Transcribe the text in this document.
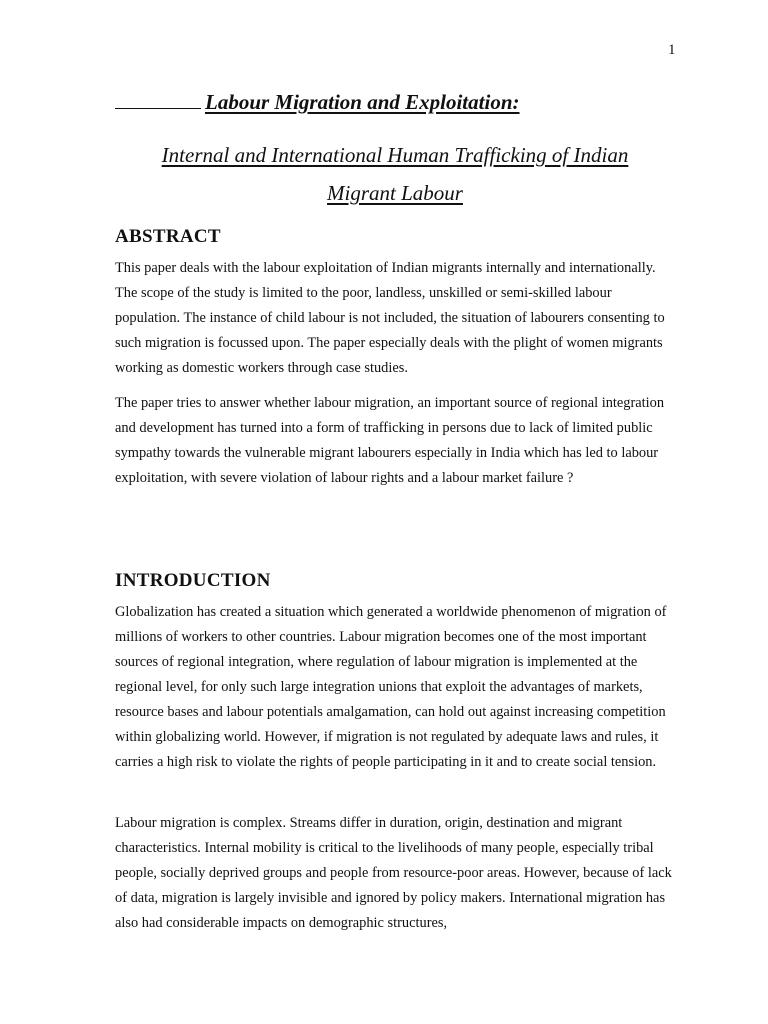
1
Labour Migration and Exploitation:
Internal and International Human Trafficking of Indian
Migrant Labour
ABSTRACT

This paper deals with the labour exploitation of Indian migrants internally and internationally. The scope of the study is limited to the poor, landless, unskilled or semi-skilled labour population. The instance of child labour is not included, the situation of labourers consenting to such migration is focussed upon. The paper especially deals with the plight of women migrants working as domestic workers through case studies.

The paper tries to answer whether labour migration, an important source of regional integration and development has turned into a form of trafficking in persons due to lack of limited public sympathy towards the vulnerable migrant labourers especially in India which has led to labour exploitation, with severe violation of labour rights and a labour market failure ?

INTRODUCTION

Globalization has created a situation which generated a worldwide phenomenon of migration of millions of workers to other countries. Labour migration becomes one of the most important sources of regional integration, where regulation of labour migration is implemented at the regional level, for only such large integration unions that exploit the advantages of markets, resource bases and labour potentials amalgamation, can hold out against increasing competition within globalizing world. However, if migration is not regulated by adequate laws and rules, it carries a high risk to violate the rights of people participating in it and to create social tension.

Labour migration is complex. Streams differ in duration, origin, destination and migrant characteristics. Internal mobility is critical to the livelihoods of many people, especially tribal people, socially deprived groups and people from resource-poor areas. However, because of lack of data, migration is largely invisible and ignored by policy makers. International migration has also had considerable impacts on demographic structures,
